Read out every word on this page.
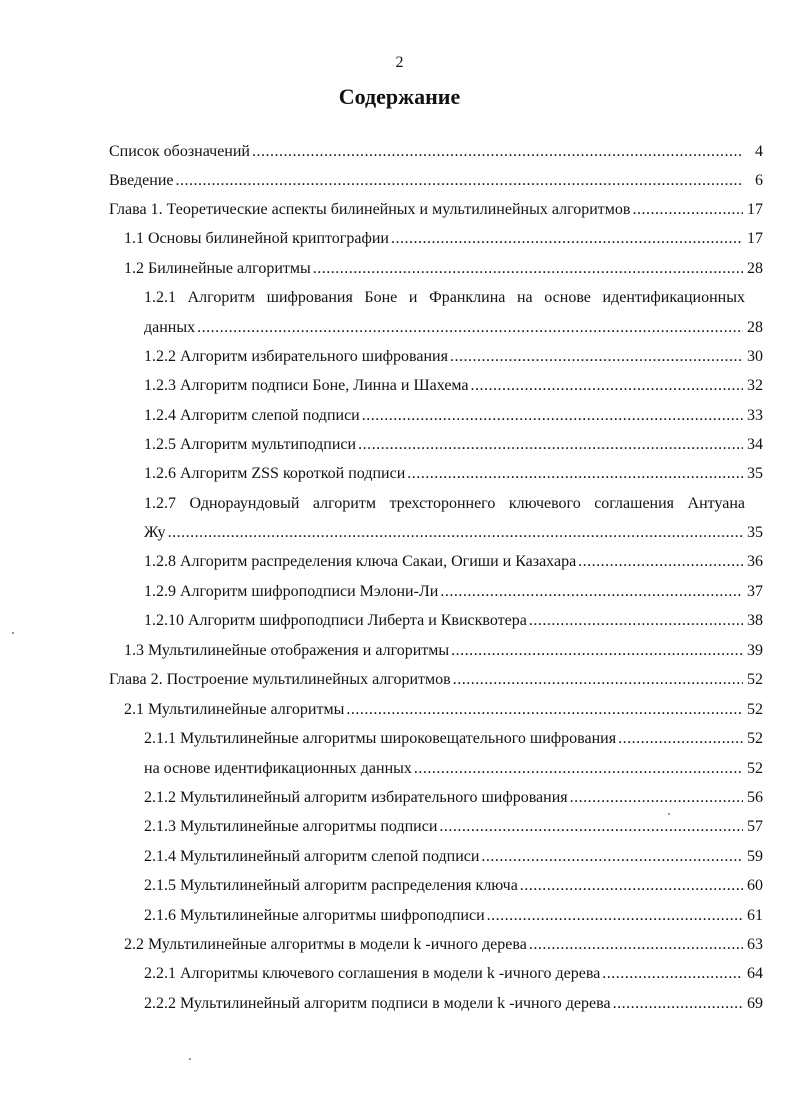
2
Содержание
Список обозначений .....	4
Введение .....	6
Глава 1. Теоретические аспекты билинейных и мультилинейных алгоритмов .....	17
1.1 Основы билинейной криптографии .....	17
1.2 Билинейные алгоритмы .....	28
1.2.1 Алгоритм шифрования Боне и Франклина на основе идентификационных
данных .....	28
1.2.2 Алгоритм избирательного шифрования .....	30
1.2.3 Алгоритм подписи Боне, Линна и Шахема .....	32
1.2.4 Алгоритм слепой подписи .....	33
1.2.5 Алгоритм мультиподписи .....	34
1.2.6 Алгоритм ZSS короткой подписи .....	35
1.2.7 Однораундовый алгоритм трехстороннего ключевого соглашения Антуана
Жу .....	35
1.2.8 Алгоритм распределения ключа Сакаи, Огиши и Казахара .....	36
1.2.9 Алгоритм шифроподписи Мэлони-Ли .....	37
1.2.10 Алгоритм шифроподписи Либерта и Квисквотера .....	38
1.3 Мультилинейные отображения и алгоритмы .....	39
Глава 2. Построение мультилинейных алгоритмов .....	52
2.1 Мультилинейные алгоритмы .....	52
2.1.1 Мультилинейные алгоритмы широковещательного шифрования .....	52
на основе идентификационных данных .....	52
2.1.2 Мультилинейный алгоритм избирательного шифрования .....	56
2.1.3 Мультилинейные алгоритмы подписи .....	57
2.1.4 Мультилинейный алгоритм слепой подписи .....	59
2.1.5 Мультилинейный алгоритм распределения ключа .....	60
2.1.6 Мультилинейные алгоритмы шифроподписи .....	61
2.2 Мультилинейные алгоритмы в модели k -ичного дерева .....	63
2.2.1 Алгоритмы ключевого соглашения в модели k -ичного дерева .....	64
2.2.2 Мультилинейный алгоритм подписи в модели k -ичного дерева .....	69
